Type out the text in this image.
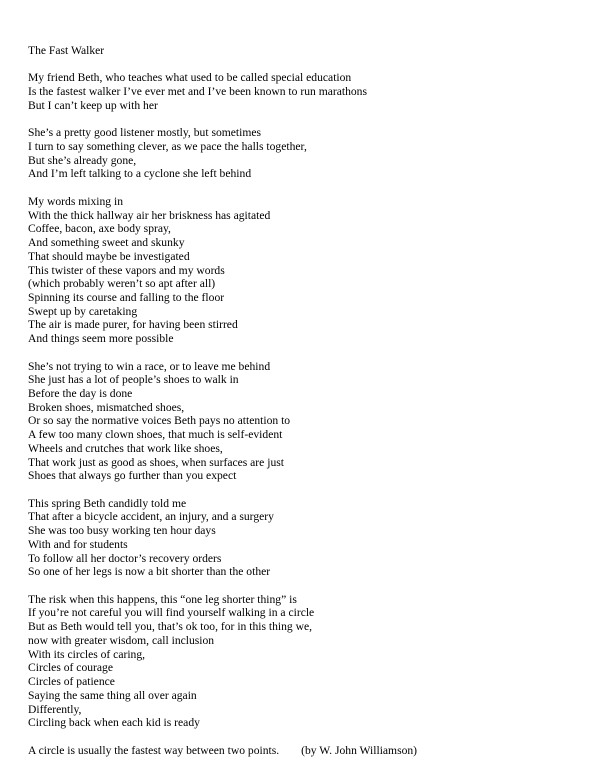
The Fast Walker
My friend Beth, who teaches what used to be called special education
Is the fastest walker I’ve ever met and I’ve been known to run marathons
But I can’t keep up with her
She’s a pretty good listener mostly, but sometimes
I turn to say something clever, as we pace the halls together,
But she’s already gone,
And I’m left talking to a cyclone she left behind
My words mixing in
With the thick hallway air her briskness has agitated
Coffee, bacon, axe body spray,
And something sweet and skunky
That should maybe be investigated
This twister of these vapors and my words
(which probably weren’t so apt after all)
Spinning its course and falling to the floor
Swept up by caretaking
The air is made purer, for having been stirred
And things seem more possible
She’s not trying to win a race, or to leave me behind
She just has a lot of people’s shoes to walk in
Before the day is done
Broken shoes, mismatched shoes,
Or so say the normative voices Beth pays no attention to
A few too many clown shoes, that much is self-evident
Wheels and crutches that work like shoes,
That work just as good as shoes, when surfaces are just
Shoes that always go further than you expect
This spring Beth candidly told me
That after a bicycle accident, an injury, and a surgery
She was too busy working ten hour days
With and for students
To follow all her doctor’s recovery orders
So one of her legs is now a bit shorter than the other
The risk when this happens, this “one leg shorter thing” is
If you’re not careful you will find yourself walking in a circle
But as Beth would tell you, that’s ok too, for in this thing we,
now with greater wisdom, call inclusion
With its circles of caring,
Circles of courage
Circles of patience
Saying the same thing all over again
Differently,
Circling back when each kid is ready
A circle is usually the fastest way between two points. (by W. John Williamson)
